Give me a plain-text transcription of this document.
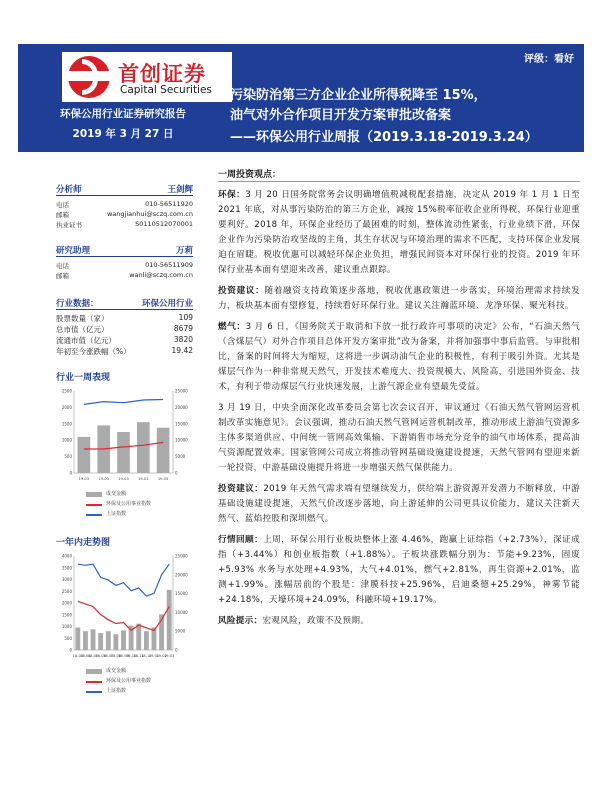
首创证券
Capital Securities
环保公用行业证券研究报告
2019 年 3 月 27 日
评级：看好
污染防治第三方企业企业所得税降至 15%，
油气对外合作项目开发方案审批改备案
——环保公用行业周报（2019.3.18-2019.3.24）
分析师	王剑辉
电话	010-56511920
邮箱	wangjianhui@sczq.com.cn
执业证书	S0110512070001
研究助理	万莉
电话	010-56511909
邮箱	wanli@sczq.com.cn
行业数据：	环保公用行业
股票数量（家）	109
总市值（亿元）	8679
流通市值（亿元）	3820
年初至今涨跌幅（%）	19.42
行业一周表现
0
500
1000
1500
2000
2500
0
5000
10000
15000
20000
25000
19-03	19-03	19-03	19-03	19-03
成交金额
环保及公用事业指数
上证指数
一年内走势图
0
500
1000
1500
2000
2500
3000
3500
4000
0
5000
10000
15000
20000
25000
18-03
18-04
18-05
18-06
18-07
18-08
18-09
18-10
18-11
18-12
19-01
19-02
19-03
成交金额
环保及公用事业指数
上证指数
一周投资观点：

环保：3 月 20 日国务院常务会议明确增值税减税配套措施，决定从 2019 年 1 月 1 日至 2021 年底，对从事污染防治的第三方企业，减按 15%税率征收企业所得税，环保行业迎重要利好。2018 年，环保企业经历了最困难的时刻，整体流动性紧张，行业业绩下滑，环保企业作为污染防治攻坚战的主角，其生存状况与环境治理的需求不匹配，支持环保企业发展迫在眉睫。税收优惠可以减轻环保企业负担，增强民间资本对环保行业的投资。2019 年环保行业基本面有望迎来改善，建议重点跟踪。

投资建议：随着融资支持政策逐步落地，税收优惠政策进一步落实，环境治理需求持续发力，板块基本面有望修复，持续看好环保行业。建议关注瀚蓝环境、龙净环保、聚光科技。

燃气：3 月 6 日，《国务院关于取消和下放一批行政许可事项的决定》公布，“石油天然气（含煤层气）对外合作项目总体开发方案审批”改为备案，并将加强事中事后监管。与审批相比，备案的时间将大为缩短，这将进一步调动油气企业的积极性，有利于吸引外资。尤其是煤层气作为一种非常规天然气，开发技术难度大、投资规模大、风险高，引进国外资金、技术，有利于带动煤层气行业快速发展，上游气源企业有望最先受益。

3 月 19 日，中央全面深化改革委员会第七次会议召开，审议通过《石油天然气管网运营机制改革实施意见》。会议强调，推动石油天然气管网运营机制改革，推动形成上游油气资源多主体多渠道供应、中间统一管网高效集输、下游销售市场充分竞争的油气市场体系，提高油气资源配置效率。国家管网公司成立将推动管网基础设施建设提速，天然气管网有望迎来新一轮投资，中游基础设施提升将进一步增强天然气保供能力。

投资建议：2019 年天然气需求端有望继续发力，供给端上游资源开发潜力不断释放，中游基础设施建设提速，天然气价改逐步落地，向上游延伸的公司更具议价能力，建议关注新天然气、蓝焰控股和深圳燃气。

行情回顾：上周，环保公用行业板块整体上涨 4.46%，跑赢上证综指（+2.73%），深证成指（+3.44%）和创业板指数（+1.88%）。子板块涨跌幅分别为：节能+9.23%，固废+5.93% 水务与水处理+4.93%，大气+4.01%，燃气+2.81%，再生资源+2.01%，监测+1.99%。涨幅居前的个股是：津膜科技+25.96%，启迪桑德+25.29%，神雾节能+24.18%，天壕环境+24.09%，科融环境+19.17%。

风险提示：宏观风险，政策不及预期。
